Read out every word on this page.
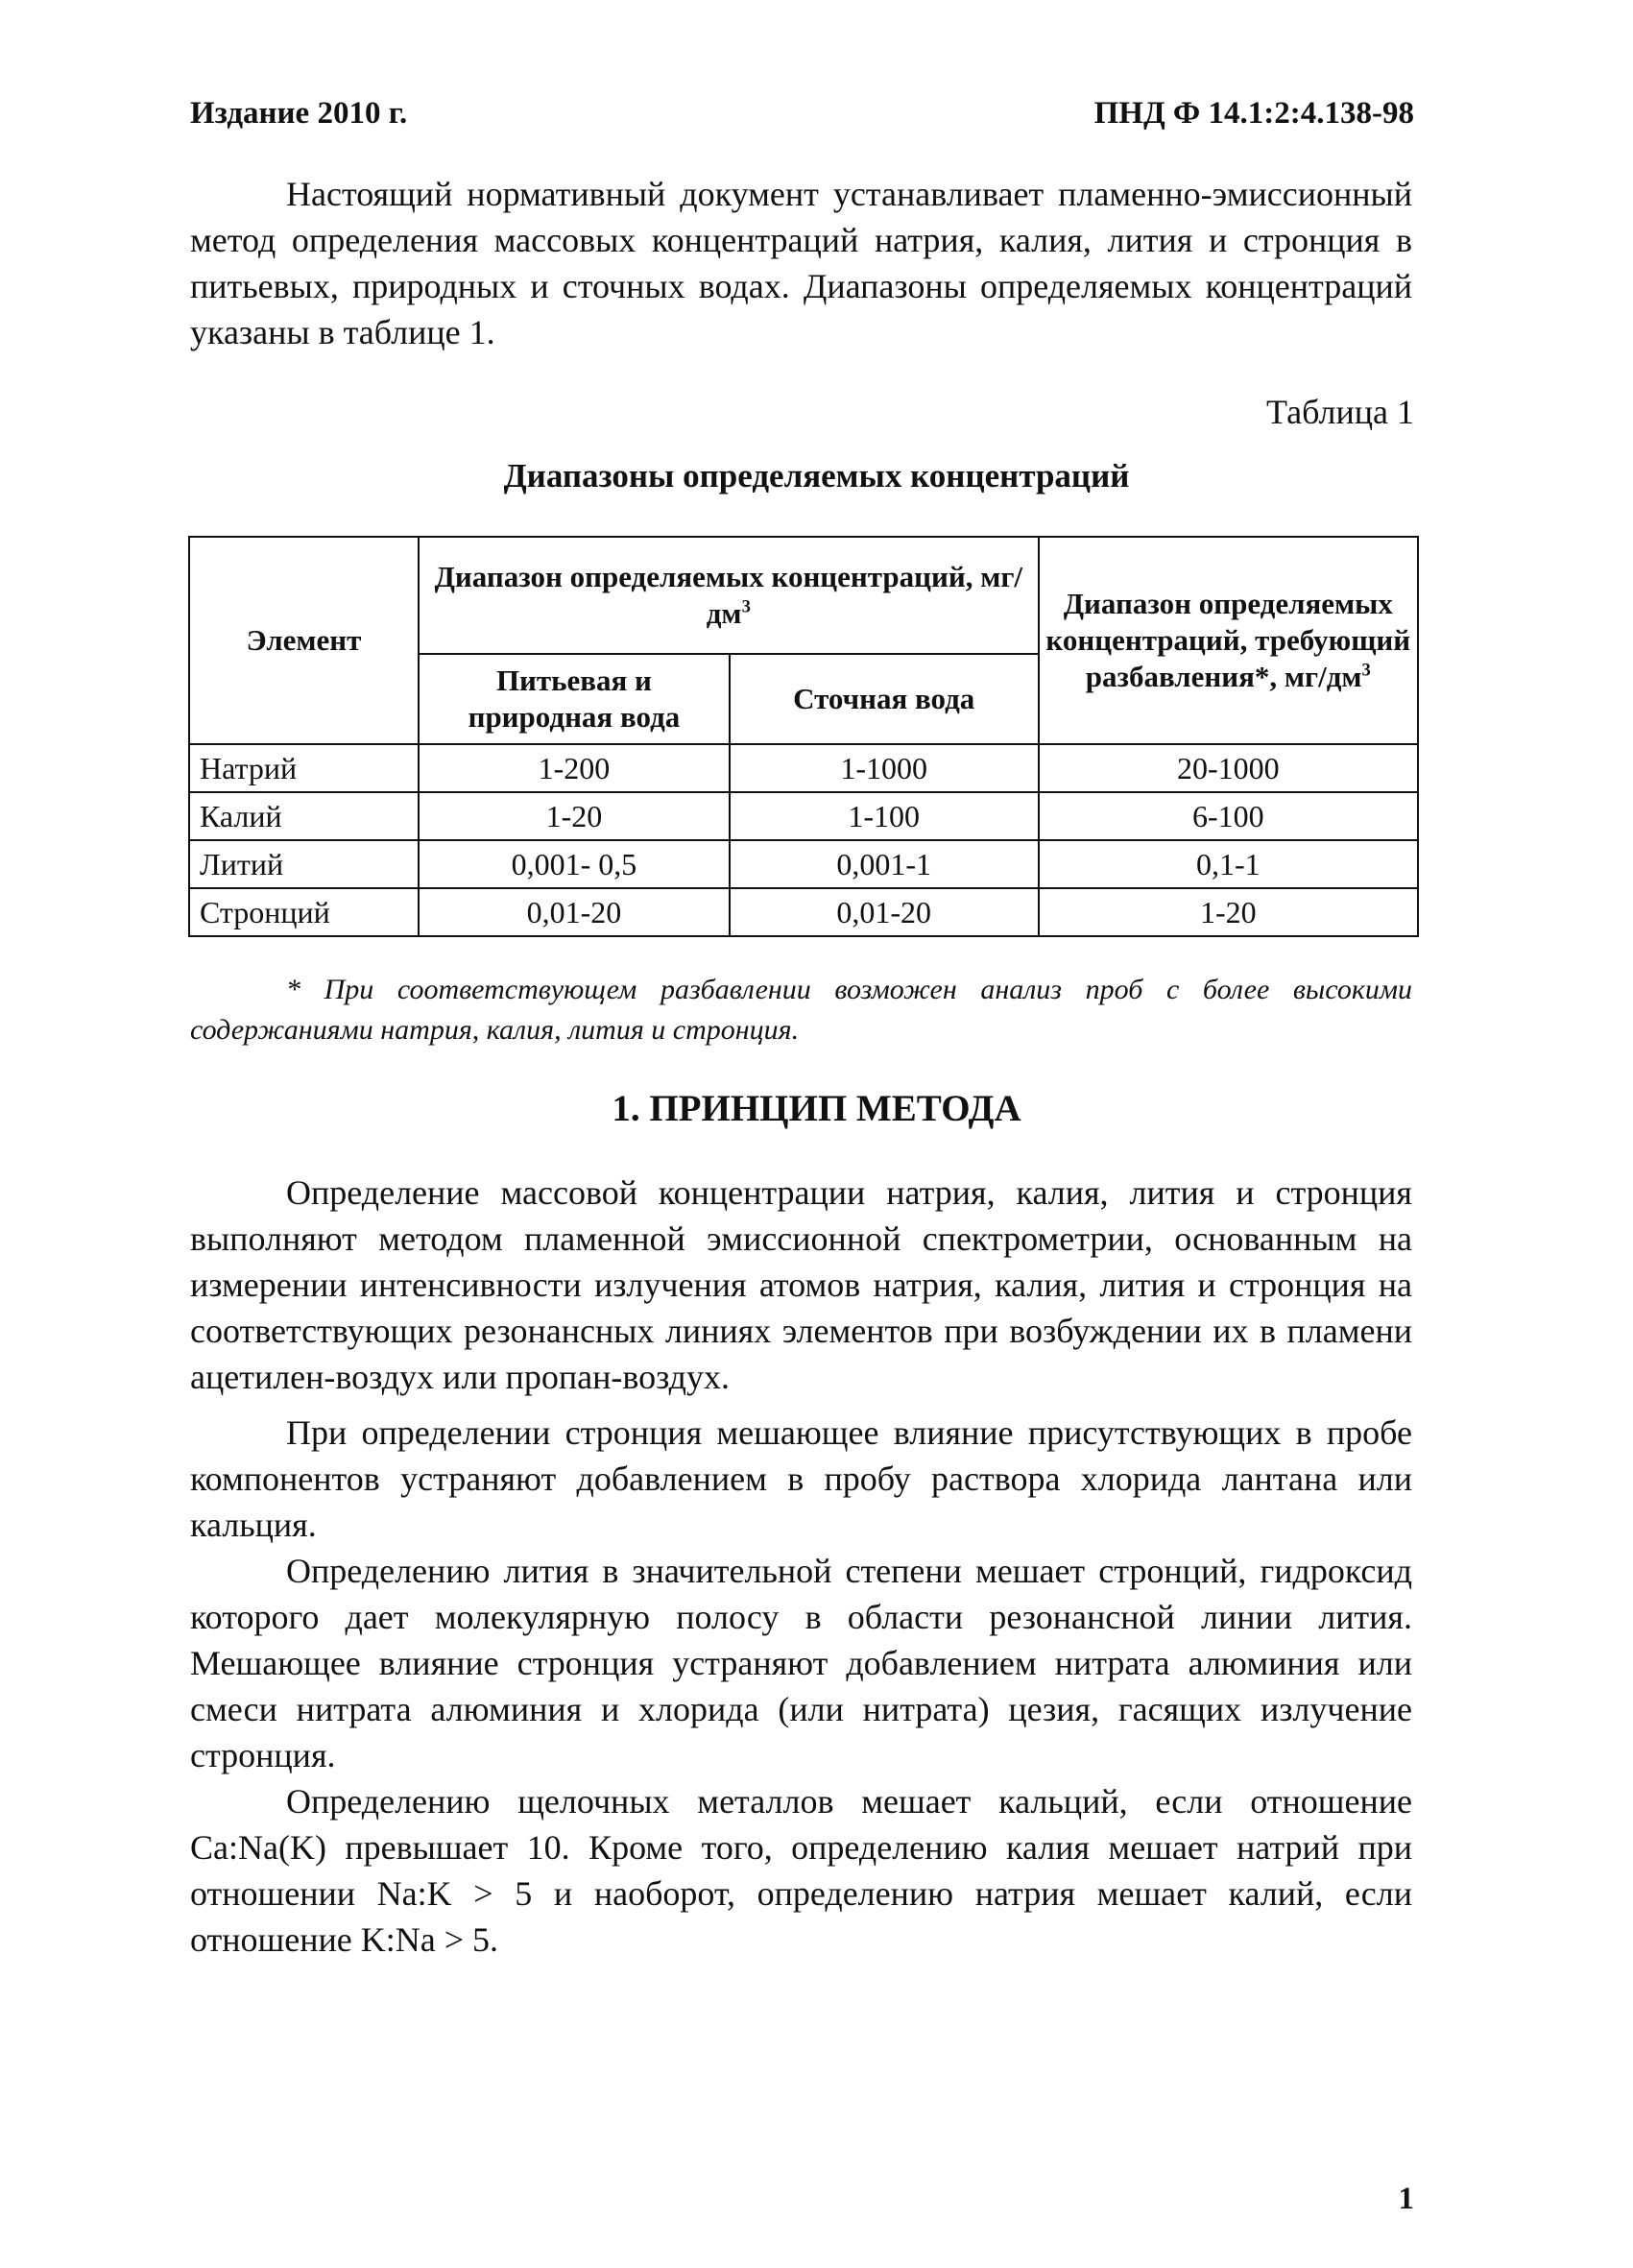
Издание 2010 г.	ПНД Ф 14.1:2:4.138-98

Настоящий нормативный документ устанавливает пламенно-эмиссионный метод определения массовых концентраций натрия, калия, лития и стронция в питьевых, природных и сточных водах. Диапазоны определяемых концентраций указаны в таблице 1.

Таблица 1
Диапазоны определяемых концентраций
Элемент	Диапазон определяемых концентраций, $мг/дм^3$		Диапазон определяемых концентраций, требующий разбавления*, $мг/дм^3$
	Питьевая и природная вода	Сточная вода	
Натрий	1-200	1-1000	20-1000
Калий	1-20	1-100	6-100
Литий	0,001- 0,5	0,001-1	0,1-1
Стронций	0,01-20	0,01-20	1-20

* При соответствующем разбавлении возможен анализ проб с более высокими содержаниями натрия, калия, лития и стронция.

1. ПРИНЦИП МЕТОДА

Определение массовой концентрации натрия, калия, лития и стронция выполняют методом пламенной эмиссионной спектрометрии, основанным на измерении интенсивности излучения атомов натрия, калия, лития и стронция на соответствующих резонансных линиях элементов при возбуждении их в пламени ацетилен-воздух или пропан-воздух.

При определении стронция мешающее влияние присутствующих в пробе компонентов устраняют добавлением в пробу раствора хлорида лантана или кальция.

Определению лития в значительной степени мешает стронций, гидроксид которого дает молекулярную полосу в области резонансной линии лития. Мешающее влияние стронция устраняют добавлением нитрата алюминия или смеси нитрата алюминия и хлорида (или нитрата) цезия, гасящих излучение стронция.

Определению щелочных металлов мешает кальций, если отношение Ca:Na(K) превышает 10. Кроме того, определению калия мешает натрий при отношении Na:K > 5 и наоборот, определению натрия мешает калий, если отношение K:Na > 5.

1
